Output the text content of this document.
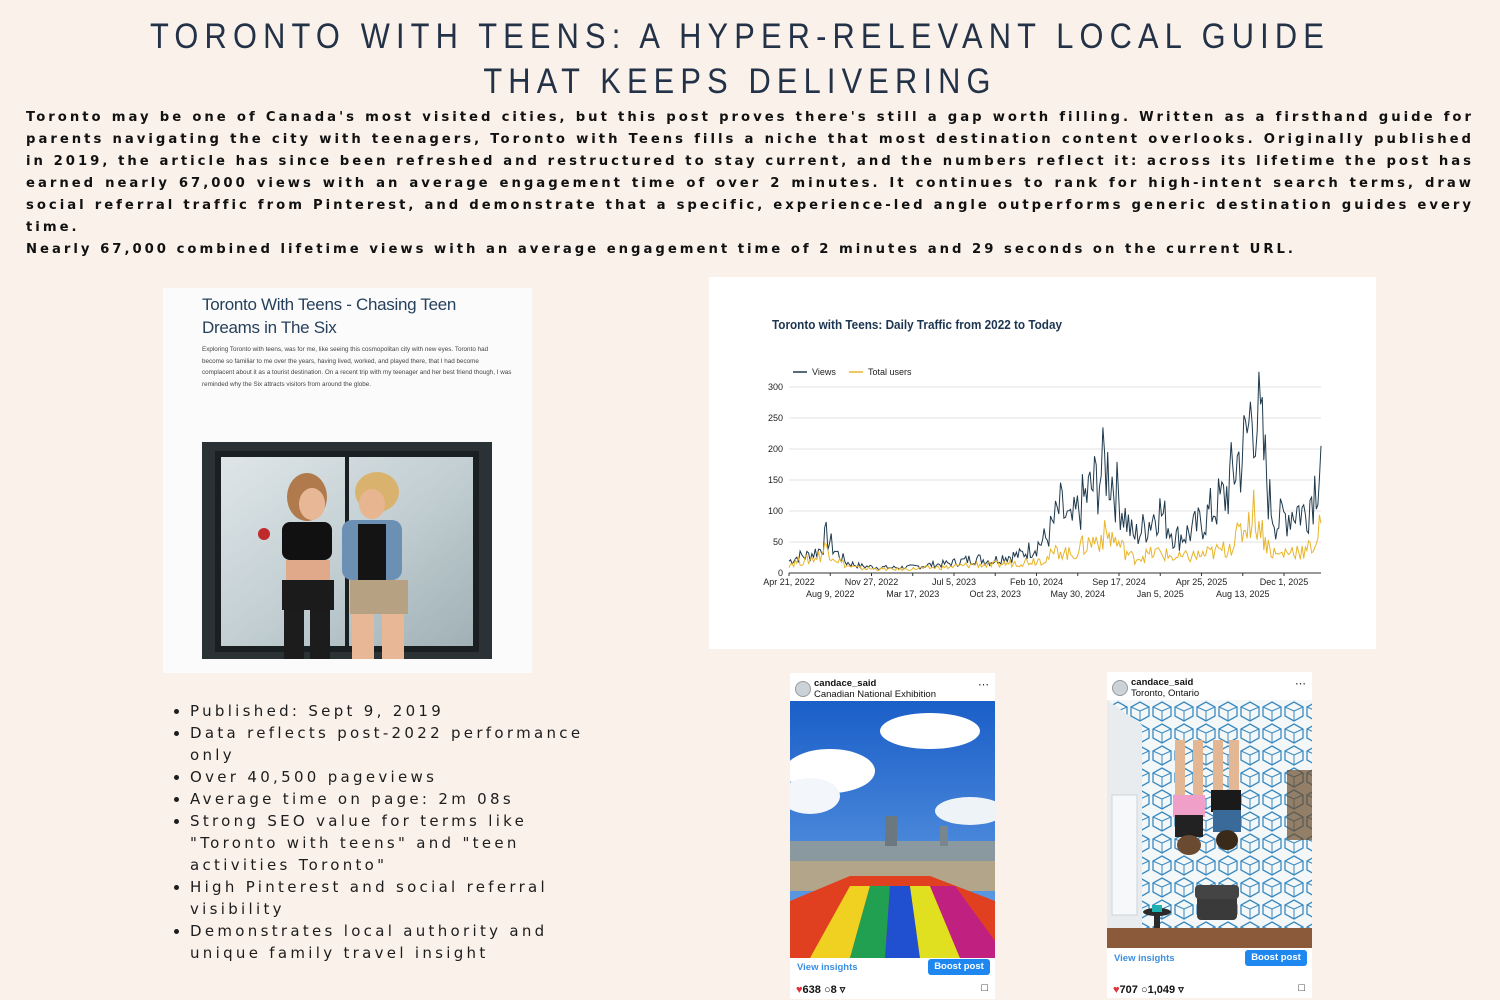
TORONTO WITH TEENS: A HYPER-RELEVANT LOCAL GUIDE THAT KEEPS DELIVERING

Toronto may be one of Canada's most visited cities, but this post proves there's still a gap worth filling. Written as a firsthand guide for parents navigating the city with teenagers, Toronto with Teens fills a niche that most destination content overlooks. Originally published in 2019, the article has since been refreshed and restructured to stay current, and the numbers reflect it: across its lifetime the post has earned nearly 67,000 views with an average engagement time of over 2 minutes. It continues to rank for high-intent search terms, draw social referral traffic from Pinterest, and demonstrate that a specific, experience-led angle outperforms generic destination guides every time.

Nearly 67,000 combined lifetime views with an average engagement time of 2 minutes and 29 seconds on the current URL.

Toronto With Teens - Chasing Teen Dreams in The Six
Exploring Toronto with teens, was for me, like seeing this cosmopolitan city with new eyes. Toronto had become so familiar to me over the years, having lived, worked, and played there, that I had become complacent about it as a tourist destination. On a recent trip with my teenager and her best friend though, I was reminded why the Six attracts visitors from around the globe.
• Published: Sept 9, 2019
• Data reflects post-2022 performance only
• Over 40,500 pageviews
• Average time on page: 2m 08s
• Strong SEO value for terms like "Toronto with teens" and "teen activities Toronto"
• High Pinterest and social referral visibility
• Demonstrates local authority and unique family travel insight
Toronto with Teens: Daily Traffic from 2022 to Today
Views	Total users
0
50
100
150
200
250
300
Apr 21, 2022
Aug 9, 2022
Nov 27, 2022
Mar 17, 2023
Jul 5, 2023
Oct 23, 2023
Feb 10, 2024
May 30, 2024
Sep 17, 2024
Jan 5, 2025
Apr 25, 2025
Aug 13, 2025
Dec 1, 2025
candace_said
Canadian National Exhibition
⋯
View insights	Boost post
♥638 ○8 ▿	□
candace_said
Toronto, Ontario
⋯
View insights	Boost post
♥707 ○1,049 ▿	□
